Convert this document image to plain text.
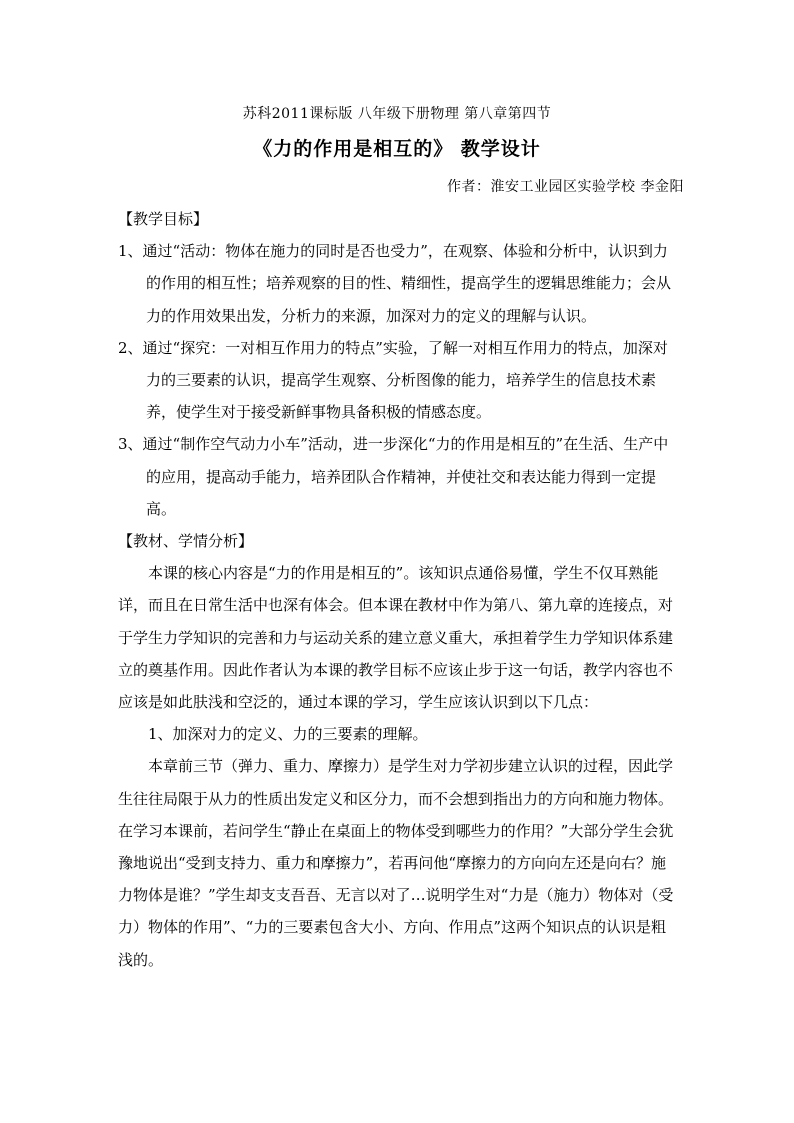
苏科2011课标版 八年级下册物理 第八章第四节
《力的作用是相互的》 教学设计
作者：淮安工业园区实验学校 李金阳

【教学目标】

1、通过“活动：物体在施力的同时是否也受力”，在观察、体验和分析中，认识到力的作用的相互性；培养观察的目的性、精细性，提高学生的逻辑思维能力；会从力的作用效果出发，分析力的来源，加深对力的定义的理解与认识。

2、通过“探究：一对相互作用力的特点”实验，了解一对相互作用力的特点，加深对力的三要素的认识，提高学生观察、分析图像的能力，培养学生的信息技术素养，使学生对于接受新鲜事物具备积极的情感态度。

3、通过“制作空气动力小车”活动，进一步深化“力的作用是相互的”在生活、生产中的应用，提高动手能力，培养团队合作精神，并使社交和表达能力得到一定提高。

【教材、学情分析】

本课的核心内容是“力的作用是相互的”。该知识点通俗易懂，学生不仅耳熟能详，而且在日常生活中也深有体会。但本课在教材中作为第八、第九章的连接点，对于学生力学知识的完善和力与运动关系的建立意义重大，承担着学生力学知识体系建立的奠基作用。因此作者认为本课的教学目标不应该止步于这一句话，教学内容也不应该是如此肤浅和空泛的，通过本课的学习，学生应该认识到以下几点：

1、加深对力的定义、力的三要素的理解。

本章前三节（弹力、重力、摩擦力）是学生对力学初步建立认识的过程，因此学生往往局限于从力的性质出发定义和区分力，而不会想到指出力的方向和施力物体。在学习本课前，若问学生“静止在桌面上的物体受到哪些力的作用？”大部分学生会犹豫地说出“受到支持力、重力和摩擦力”，若再问他“摩擦力的方向向左还是向右？施力物体是谁？”学生却支支吾吾、无言以对了…说明学生对“力是（施力）物体对（受力）物体的作用”、“力的三要素包含大小、方向、作用点”这两个知识点的认识是粗浅的。
